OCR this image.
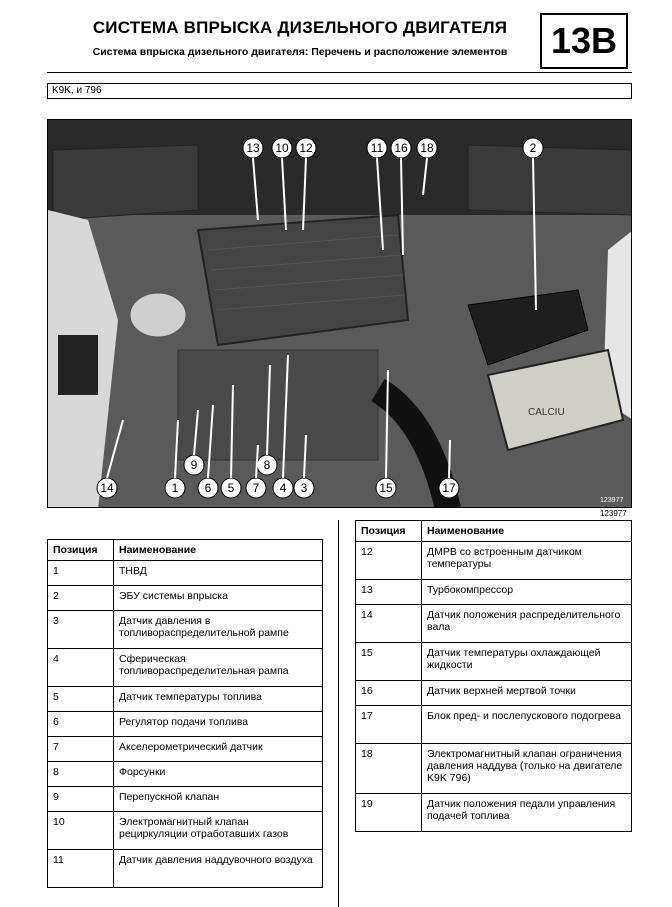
СИСТЕМА ВПРЫСКА ДИЗЕЛЬНОГО ДВИГАТЕЛЯ
Система впрыска дизельного двигателя: Перечень и расположение элементов	13B
K9K, и 796
CALCIU
13 10 12	11 16 18	2
9	8
14	1 6 5 7 4 3	15	17
123977
123977
Позиция	Наименование
1	ТНВД
2	ЭБУ системы впрыска
3	Датчик давления в топливораспределительной рампе
4	Сферическая топливораспределительная рампа
5	Датчик температуры топлива
6	Регулятор подачи топлива
7	Акселерометрический датчик
8	Форсунки
9	Перепускной клапан
10	Электромагнитный клапан рециркуляции отработавших газов
11	Датчик давления наддувочного воздуха
Позиция	Наименование
12	ДМРВ со встроенным датчиком температуры
13	Турбокомпрессор
14	Датчик положения распределительного вала
15	Датчик температуры охлаждающей жидкости
16	Датчик верхней мертвой точки
17	Блок пред- и послепускового подогрева
18	Электромагнитный клапан ограничения давления наддува (только на двигателе K9K 796)
19	Датчик положения педали управления подачей топлива
